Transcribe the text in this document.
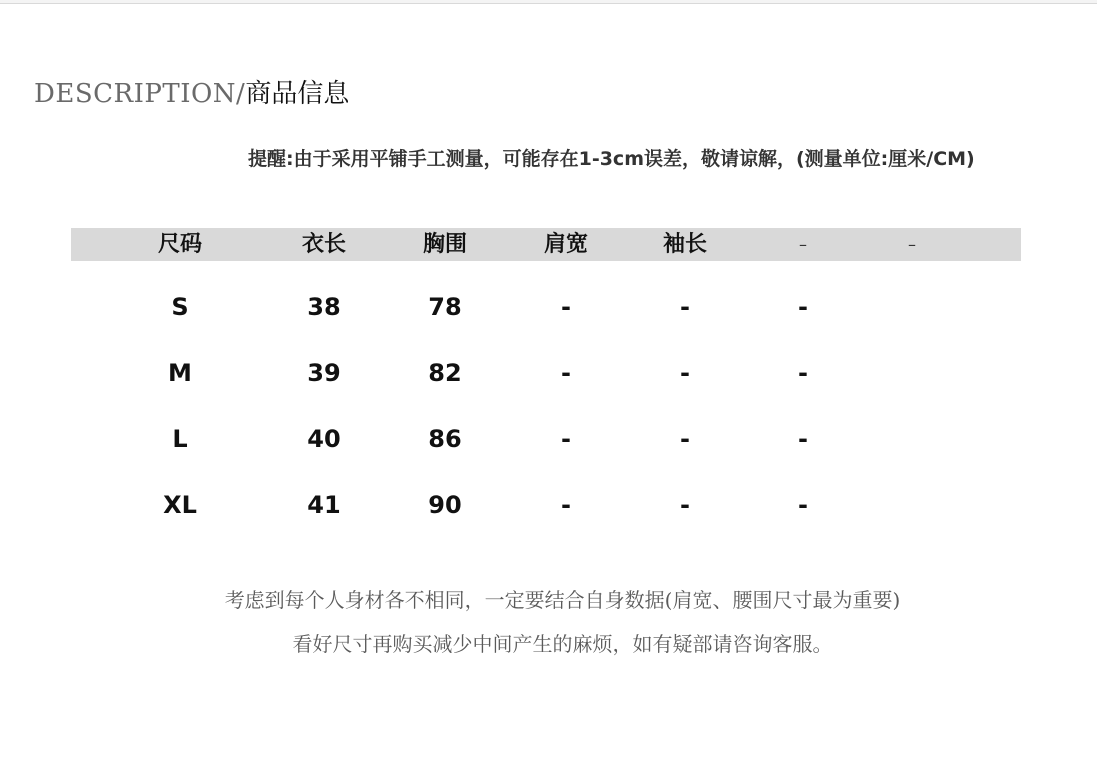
DESCRIPTION/商品信息
提醒:由于采用平铺手工测量，可能存在1-3cm误差，敬请谅解，(测量单位:厘米/CM)
尺码	衣长	胸围	肩宽	袖长	–	–
S	38	78	-	-	-
M	39	82	-	-	-
L	40	86	-	-	-
XL	41	90	-	-	-
考虑到每个人身材各不相同，一定要结合自身数据(肩宽、腰围尺寸最为重要)
看好尺寸再购买减少中间产生的麻烦，如有疑部请咨询客服。
